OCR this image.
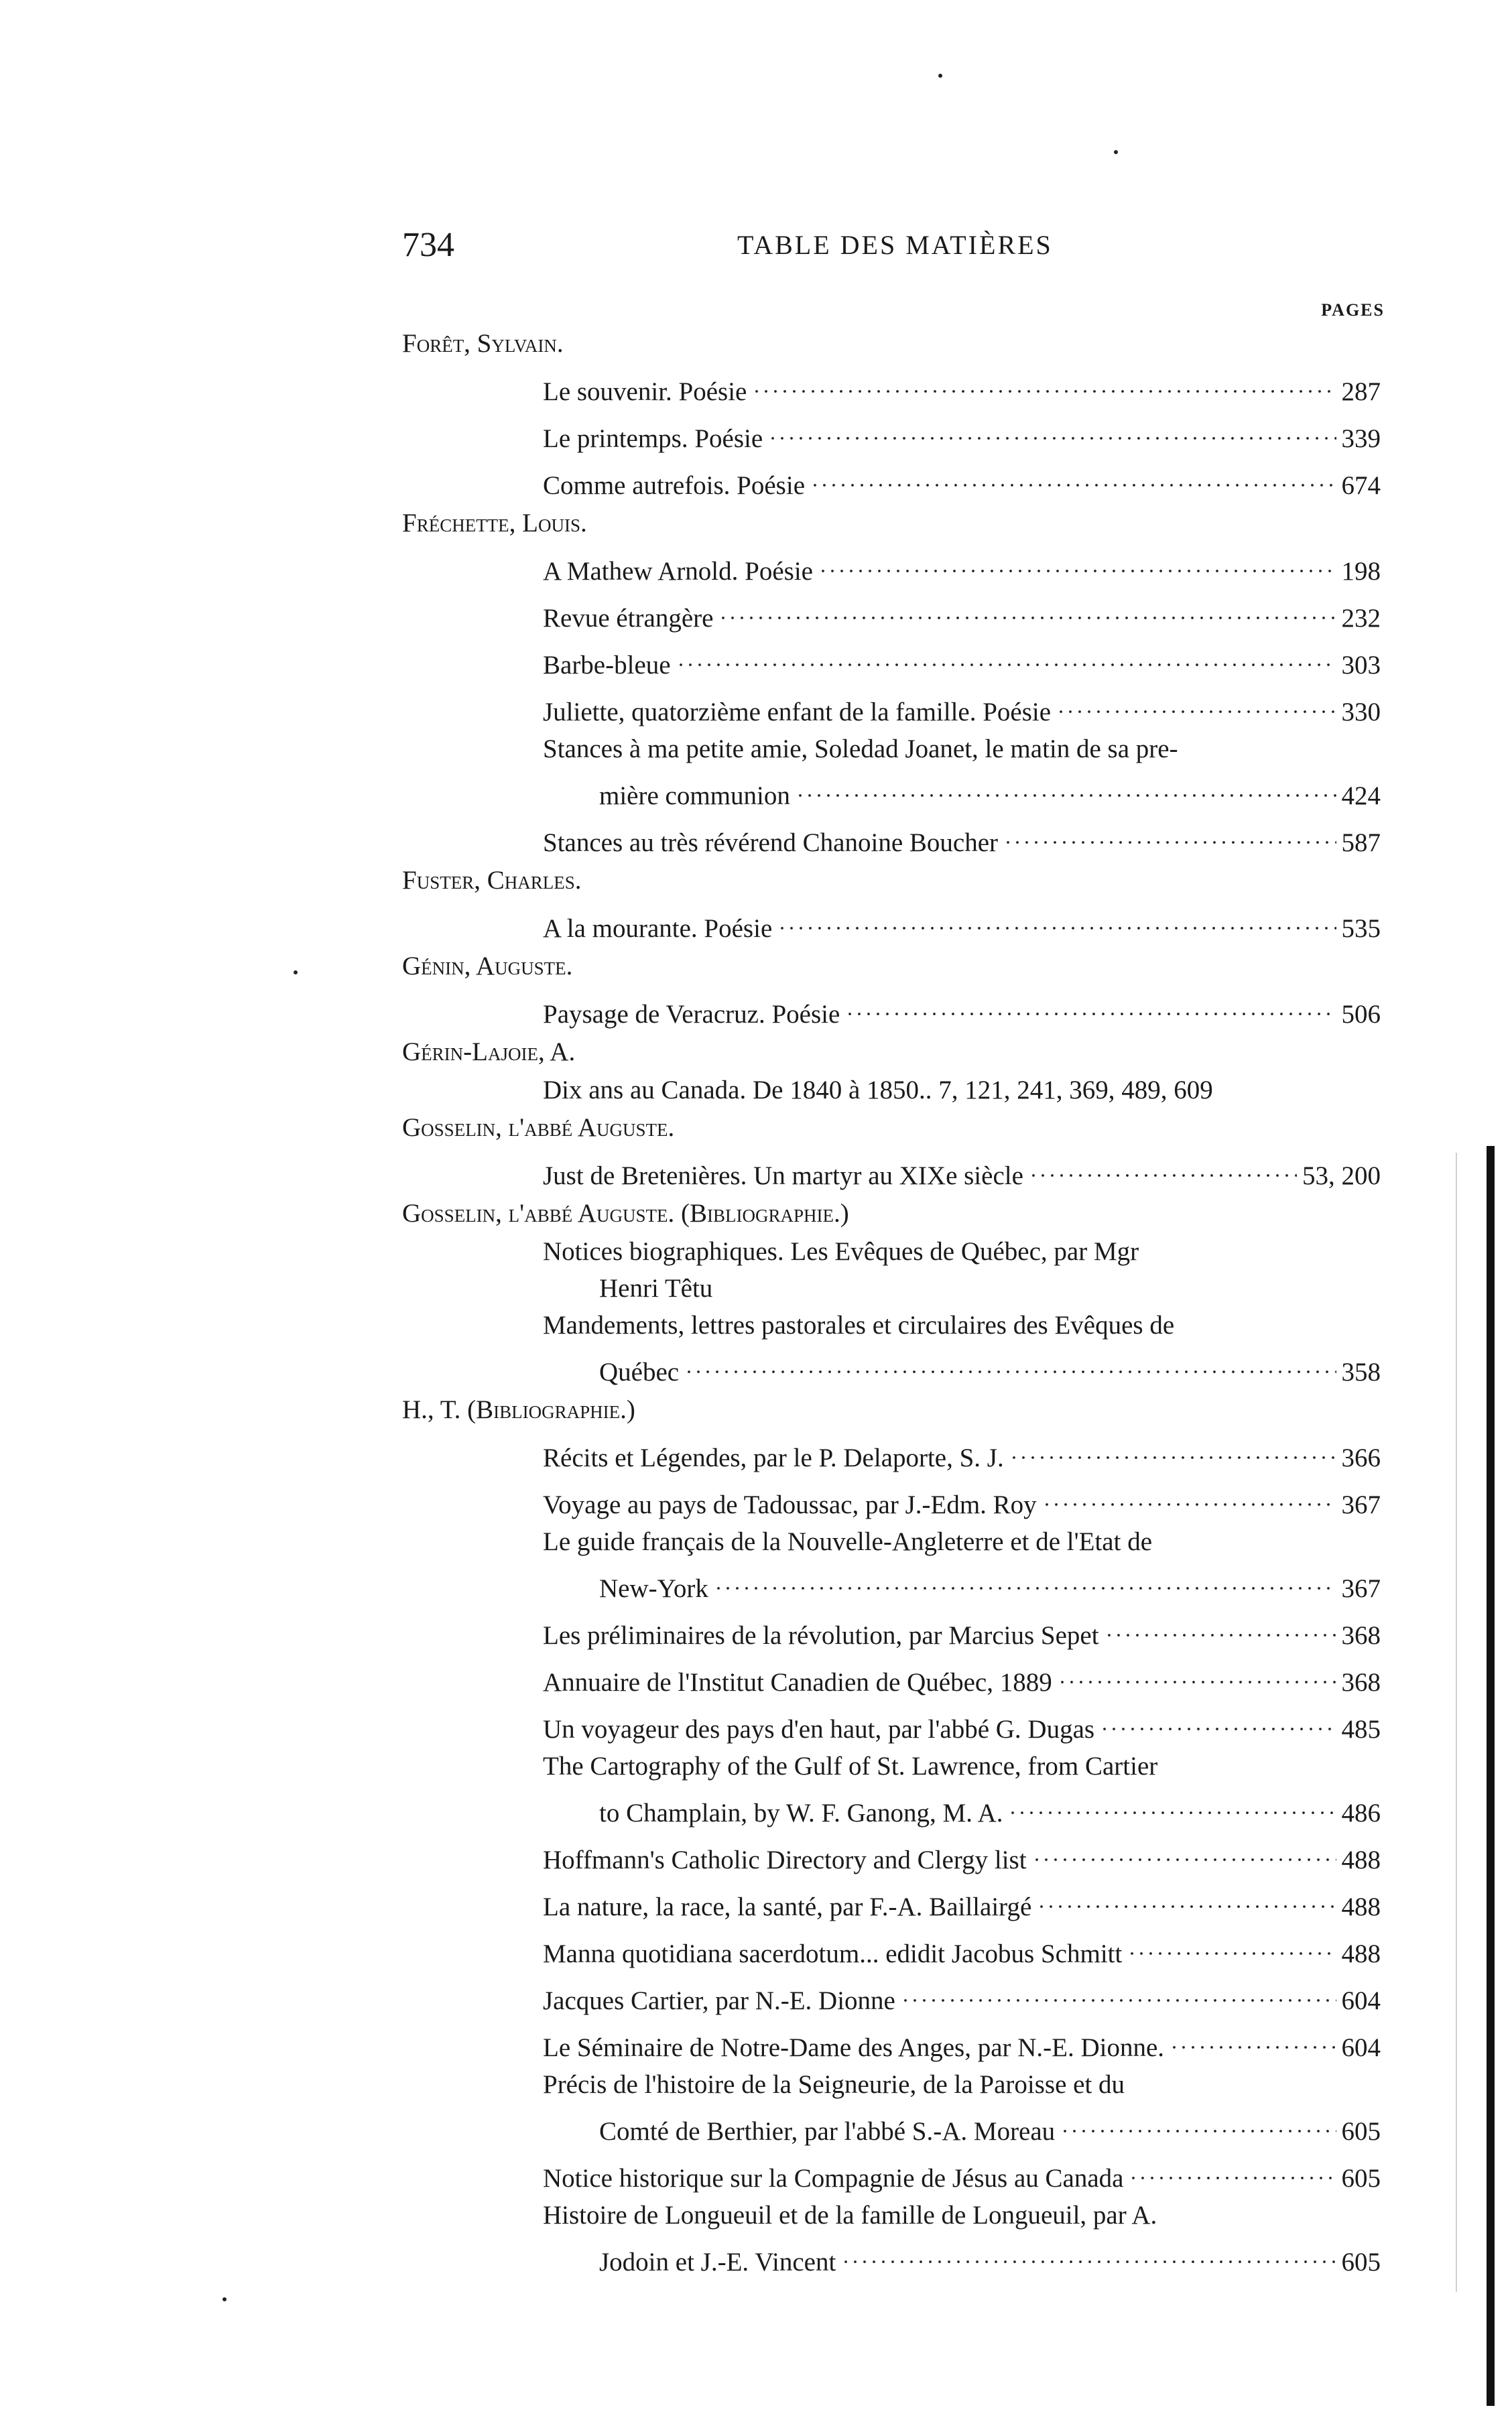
734	TABLE DES MATIÈRES
PAGES
Forêt, Sylvain.
Le souvenir. Poésie	287
Le printemps. Poésie	339
Comme autrefois. Poésie	674
Fréchette, Louis.
A Mathew Arnold. Poésie	198
Revue étrangère	232
Barbe-bleue	303
Juliette, quatorzième enfant de la famille. Poésie	330
Stances à ma petite amie, Soledad Joanet, le matin de sa pre-
mière communion	424
Stances au très révérend Chanoine Boucher	587
Fuster, Charles.
A la mourante. Poésie	535
Génin, Auguste.
Paysage de Veracruz. Poésie	506
Gérin-Lajoie, A.
Dix ans au Canada. De 1840 à 1850.. 7, 121, 241, 369, 489, 609
Gosselin, l'abbé Auguste.
Just de Bretenières. Un martyr au XIXe siècle	53, 200
Gosselin, l'abbé Auguste. (Bibliographie.)
Notices biographiques. Les Evêques de Québec, par Mgr
Henri Têtu
Mandements, lettres pastorales et circulaires des Evêques de
Québec	358
H., T. (Bibliographie.)
Récits et Légendes, par le P. Delaporte, S. J.	366
Voyage au pays de Tadoussac, par J.-Edm. Roy	367
Le guide français de la Nouvelle-Angleterre et de l'Etat de
New-York	367
Les préliminaires de la révolution, par Marcius Sepet	368
Annuaire de l'Institut Canadien de Québec, 1889	368
Un voyageur des pays d'en haut, par l'abbé G. Dugas	485
The Cartography of the Gulf of St. Lawrence, from Cartier
to Champlain, by W. F. Ganong, M. A.	486
Hoffmann's Catholic Directory and Clergy list	488
La nature, la race, la santé, par F.-A. Baillairgé	488
Manna quotidiana sacerdotum... edidit Jacobus Schmitt	488
Jacques Cartier, par N.-E. Dionne	604
Le Séminaire de Notre-Dame des Anges, par N.-E. Dionne.	604
Précis de l'histoire de la Seigneurie, de la Paroisse et du
Comté de Berthier, par l'abbé S.-A. Moreau	605
Notice historique sur la Compagnie de Jésus au Canada	605
Histoire de Longueuil et de la famille de Longueuil, par A.
Jodoin et J.-E. Vincent	605
